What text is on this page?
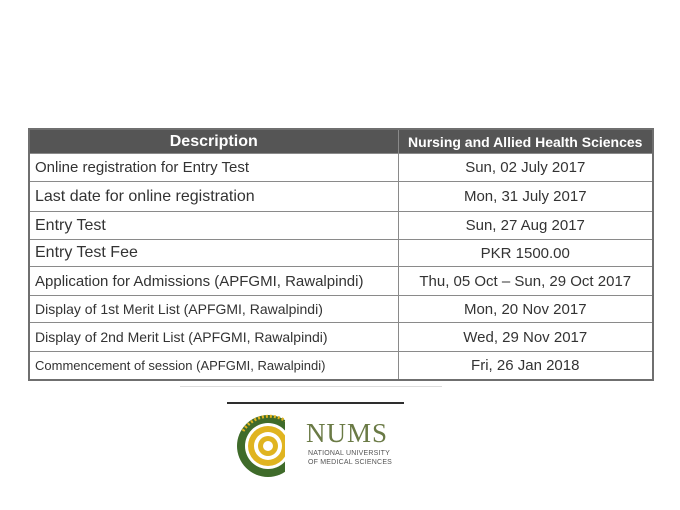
Description	Nursing and Allied Health Sciences
Online registration for Entry Test	Sun, 02 July 2017
Last date for online registration	Mon, 31 July 2017
Entry Test	Sun, 27 Aug 2017
Entry Test Fee	PKR 1500.00
Application for Admissions (APFGMI, Rawalpindi)	Thu, 05 Oct – Sun, 29 Oct 2017
Display of 1st Merit List (APFGMI, Rawalpindi)	Mon, 20 Nov 2017
Display of 2nd Merit List (APFGMI, Rawalpindi)	Wed, 29 Nov 2017
Commencement of session (APFGMI, Rawalpindi)	Fri, 26 Jan 2018
NUMS
NATIONAL UNIVERSITY
OF MEDICAL SCIENCES
